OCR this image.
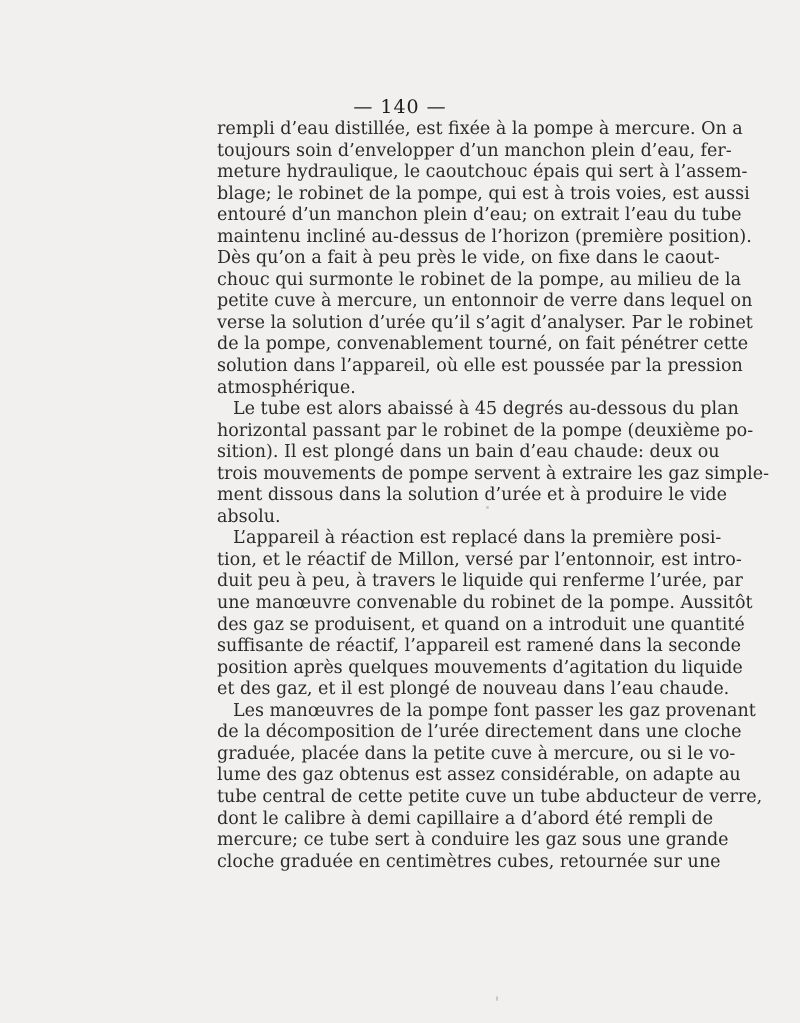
— 140 —
rempli d’eau distillée, est fixée à la pompe à mercure. On a
toujours soin d’envelopper d’un manchon plein d’eau, fer-
meture hydraulique, le caoutchouc épais qui sert à l’assem-
blage; le robinet de la pompe, qui est à trois voies, est aussi
entouré d’un manchon plein d’eau; on extrait l’eau du tube
maintenu incliné au-dessus de l’horizon (première position).
Dès qu’on a fait à peu près le vide, on fixe dans le caout-
chouc qui surmonte le robinet de la pompe, au milieu de la
petite cuve à mercure, un entonnoir de verre dans lequel on
verse la solution d’urée qu’il s’agit d’analyser. Par le robinet
de la pompe, convenablement tourné, on fait pénétrer cette
solution dans l’appareil, où elle est poussée par la pression
atmosphérique.
Le tube est alors abaissé à 45 degrés au-dessous du plan
horizontal passant par le robinet de la pompe (deuxième po-
sition). Il est plongé dans un bain d’eau chaude: deux ou
trois mouvements de pompe servent à extraire les gaz simple-
ment dissous dans la solution d’urée et à produire le vide
absolu.
L’appareil à réaction est replacé dans la première posi-
tion, et le réactif de Millon, versé par l’entonnoir, est intro-
duit peu à peu, à travers le liquide qui renferme l’urée, par
une manœuvre convenable du robinet de la pompe. Aussitôt
des gaz se produisent, et quand on a introduit une quantité
suffisante de réactif, l’appareil est ramené dans la seconde
position après quelques mouvements d’agitation du liquide
et des gaz, et il est plongé de nouveau dans l’eau chaude.
Les manœuvres de la pompe font passer les gaz provenant
de la décomposition de l’urée directement dans une cloche
graduée, placée dans la petite cuve à mercure, ou si le vo-
lume des gaz obtenus est assez considérable, on adapte au
tube central de cette petite cuve un tube abducteur de verre,
dont le calibre à demi capillaire a d’abord été rempli de
mercure; ce tube sert à conduire les gaz sous une grande
cloche graduée en centimètres cubes, retournée sur une
